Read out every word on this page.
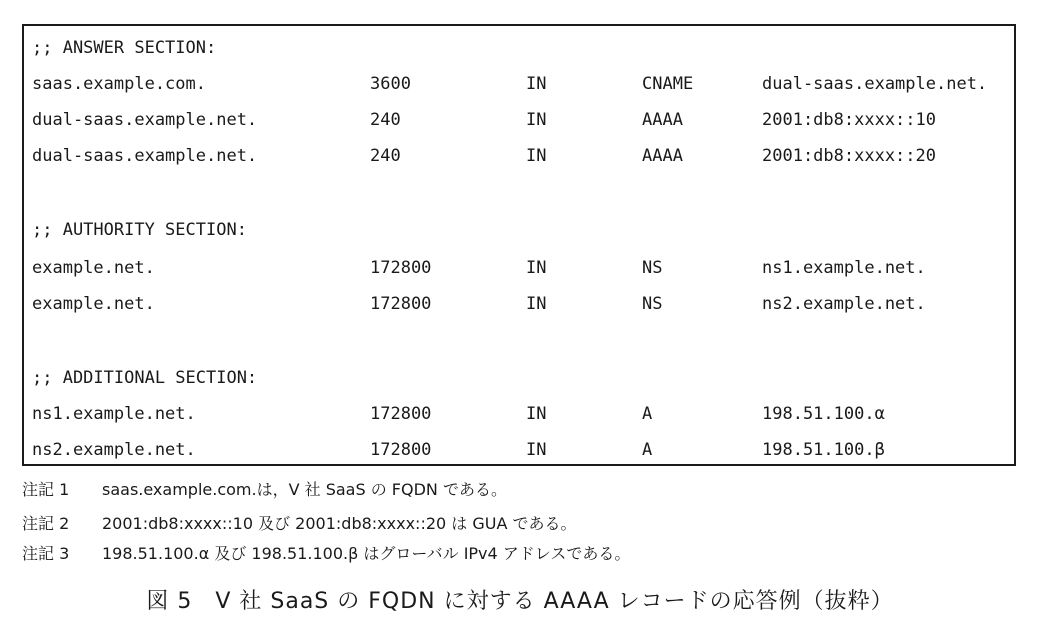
;; ANSWER SECTION:
saas.example.com.	3600	IN	CNAME	dual-saas.example.net.
dual-saas.example.net.	240	IN	AAAA	2001:db8:xxxx::10
dual-saas.example.net.	240	IN	AAAA	2001:db8:xxxx::20
;; AUTHORITY SECTION:
example.net.	172800	IN	NS	ns1.example.net.
example.net.	172800	IN	NS	ns2.example.net.
;; ADDITIONAL SECTION:
ns1.example.net.	172800	IN	A	198.51.100.α
ns2.example.net.	172800	IN	A	198.51.100.β
注記 1 saas.example.com.は，V 社 SaaS の FQDN である。
注記 2 2001:db8:xxxx::10 及び 2001:db8:xxxx::20 は GUA である。
注記 3 198.51.100.α 及び 198.51.100.β はグローバル IPv4 アドレスである。
図 5　V 社 SaaS の FQDN に対する AAAA レコードの応答例（抜粋）
